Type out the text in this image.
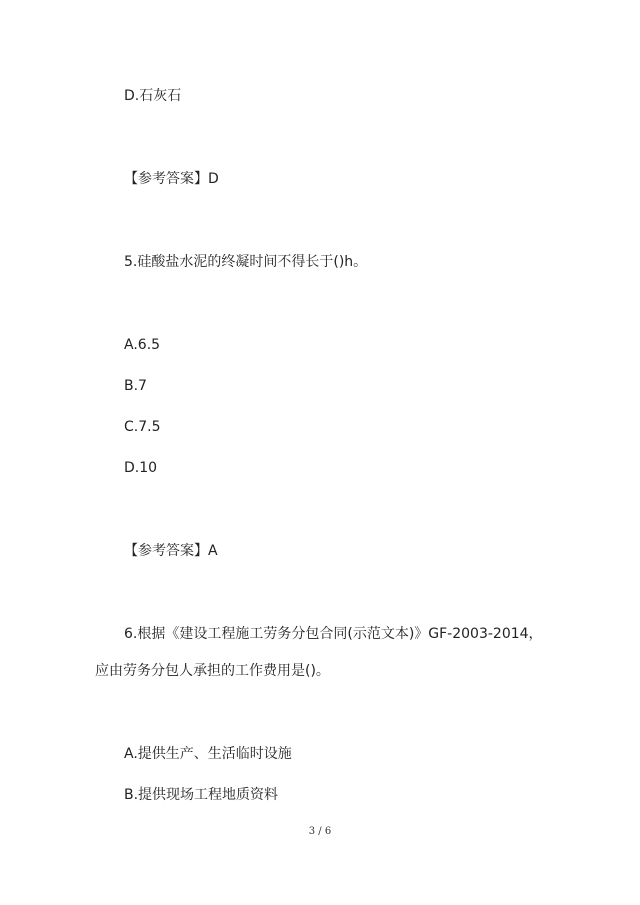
D.石灰石
【参考答案】D
5.硅酸盐水泥的终凝时间不得长于()h。
A.6.5
B.7
C.7.5
D.10
【参考答案】A
6.根据《建设工程施工劳务分包合同(示范文本)》GF-2003-2014，
应由劳务分包人承担的工作费用是()。
A.提供生产、生活临时设施
B.提供现场工程地质资料
3 / 6
